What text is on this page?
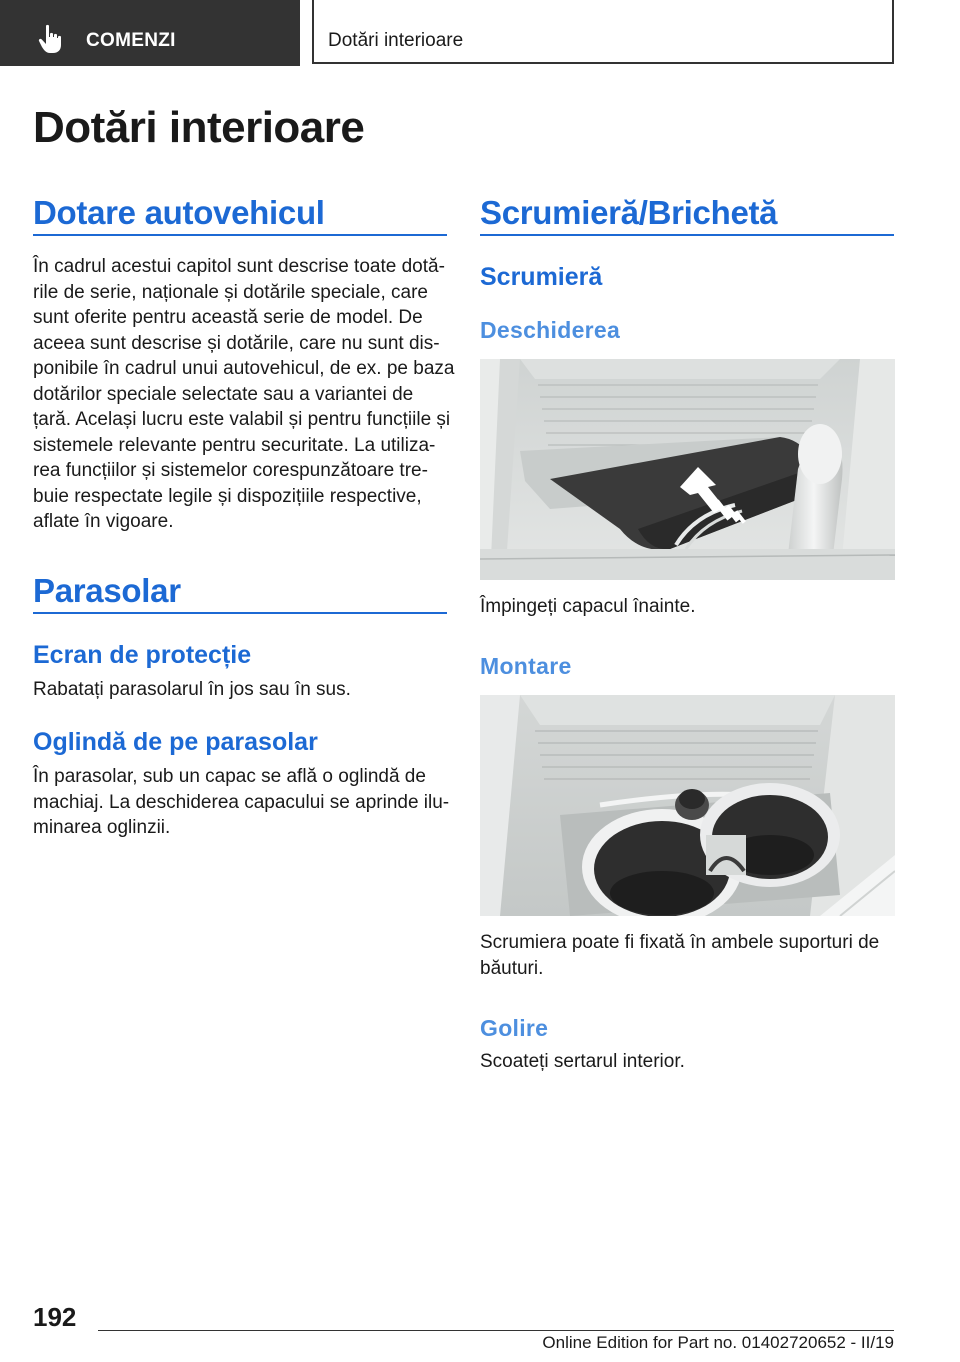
COMENZI	Dotări interioare
Dotări interioare
Dotare autovehicul
În cadrul acestui capitol sunt descrise toate dotă-
rile de serie, naționale și dotările speciale, care
sunt oferite pentru această serie de model. De
aceea sunt descrise și dotările, care nu sunt dis-
ponibile în cadrul unui autovehicul, de ex. pe baza
dotărilor speciale selectate sau a variantei de
țară. Același lucru este valabil și pentru funcțiile și
sistemele relevante pentru securitate. La utiliza-
rea funcțiilor și sistemelor corespunzătoare tre-
buie respectate legile și dispozițiile respective,
aflate în vigoare.
Parasolar
Ecran de protecție
Rabatați parasolarul în jos sau în sus.
Oglindă de pe parasolar
În parasolar, sub un capac se află o oglindă de
machiaj. La deschiderea capacului se aprinde ilu-
minarea oglinzii.
Scrumieră/Brichetă
Scrumieră
Deschiderea
Împingeți capacul înainte.
Montare
Scrumiera poate fi fixată în ambele suporturi de
băuturi.
Golire
Scoateți sertarul interior.
192
Online Edition for Part no. 01402720652 - II/19
